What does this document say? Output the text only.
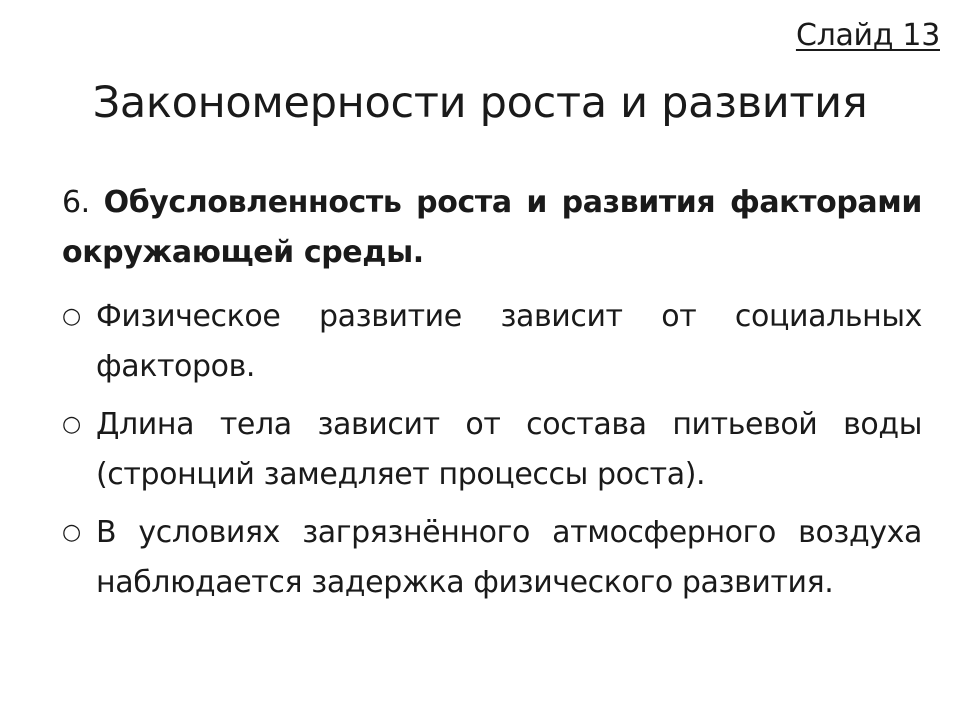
Слайд 13
Закономерности роста и развития
6. Обусловленность роста и развития факторами окружающей среды.
○ Физическое развитие зависит от социальных факторов.
○ Длина тела зависит от состава питьевой воды (стронций замедляет процессы роста).
○ В условиях загрязнённого атмосферного воздуха наблюдается задержка физического развития.
